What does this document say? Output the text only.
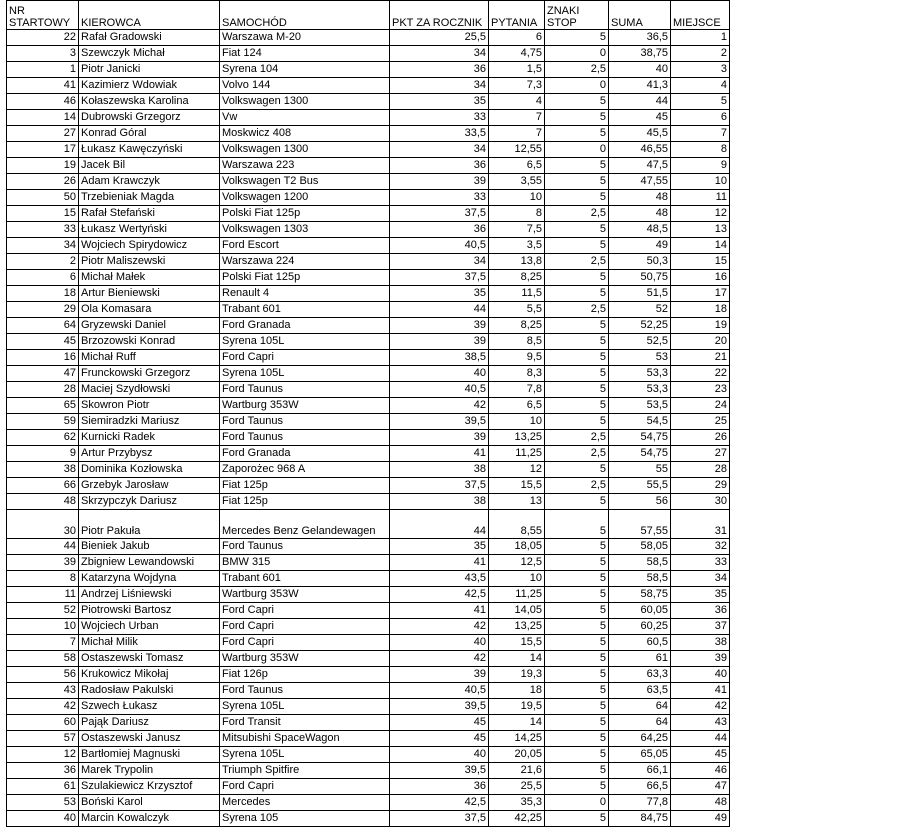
NR STARTOWY	KIEROWCA	SAMOCHÓD	PKT ZA ROCZNIK	PYTANIA	ZNAKI STOP	SUMA	MIEJSCE
22	Rafał Gradowski	Warszawa M-20	25,5	6	5	36,5	1
3	Szewczyk Michał	Fiat 124	34	4,75	0	38,75	2
1	Piotr Janicki	Syrena 104	36	1,5	2,5	40	3
41	Kazimierz Wdowiak	Volvo 144	34	7,3	0	41,3	4
46	Kołaszewska Karolina	Volkswagen 1300	35	4	5	44	5
14	Dubrowski Grzegorz	Vw	33	7	5	45	6
27	Konrad Góral	Moskwicz 408	33,5	7	5	45,5	7
17	Łukasz Kawęczyński	Volkswagen 1300	34	12,55	0	46,55	8
19	Jacek Bil	Warszawa 223	36	6,5	5	47,5	9
26	Adam Krawczyk	Volkswagen T2 Bus	39	3,55	5	47,55	10
50	Trzebieniak Magda	Volkswagen 1200	33	10	5	48	11
15	Rafał Stefański	Polski Fiat 125p	37,5	8	2,5	48	12
33	Łukasz Wertyński	Volkswagen 1303	36	7,5	5	48,5	13
34	Wojciech Spirydowicz	Ford Escort	40,5	3,5	5	49	14
2	Piotr Maliszewski	Warszawa 224	34	13,8	2,5	50,3	15
6	Michał Małek	Polski Fiat 125p	37,5	8,25	5	50,75	16
18	Artur Bieniewski	Renault 4	35	11,5	5	51,5	17
29	Ola Komasara	Trabant 601	44	5,5	2,5	52	18
64	Gryzewski Daniel	Ford Granada	39	8,25	5	52,25	19
45	Brzozowski Konrad	Syrena 105L	39	8,5	5	52,5	20
16	Michał Ruff	Ford Capri	38,5	9,5	5	53	21
47	Frunckowski Grzegorz	Syrena 105L	40	8,3	5	53,3	22
28	Maciej Szydłowski	Ford Taunus	40,5	7,8	5	53,3	23
65	Skowron Piotr	Wartburg 353W	42	6,5	5	53,5	24
59	Siemiradzki Mariusz	Ford Taunus	39,5	10	5	54,5	25
62	Kurnicki Radek	Ford Taunus	39	13,25	2,5	54,75	26
9	Artur Przybysz	Ford Granada	41	11,25	2,5	54,75	27
38	Dominika Kozłowska	Zaporożec 968 A	38	12	5	55	28
66	Grzebyk Jarosław	Fiat 125p	37,5	15,5	2,5	55,5	29
48	Skrzypczyk Dariusz	Fiat 125p	38	13	5	56	30
30	Piotr Pakuła	Mercedes Benz Gelandewagen	44	8,55	5	57,55	31
44	Bieniek Jakub	Ford Taunus	35	18,05	5	58,05	32
39	Zbigniew Lewandowski	BMW 315	41	12,5	5	58,5	33
8	Katarzyna Wojdyna	Trabant 601	43,5	10	5	58,5	34
11	Andrzej Liśniewski	Wartburg 353W	42,5	11,25	5	58,75	35
52	Piotrowski Bartosz	Ford Capri	41	14,05	5	60,05	36
10	Wojciech Urban	Ford Capri	42	13,25	5	60,25	37
7	Michał Milik	Ford Capri	40	15,5	5	60,5	38
58	Ostaszewski Tomasz	Wartburg 353W	42	14	5	61	39
56	Krukowicz Mikołaj	Fiat 126p	39	19,3	5	63,3	40
43	Radosław Pakulski	Ford Taunus	40,5	18	5	63,5	41
42	Szwech Łukasz	Syrena 105L	39,5	19,5	5	64	42
60	Pająk Dariusz	Ford Transit	45	14	5	64	43
57	Ostaszewski Janusz	Mitsubishi SpaceWagon	45	14,25	5	64,25	44
12	Bartłomiej Magnuski	Syrena 105L	40	20,05	5	65,05	45
36	Marek Trypolin	Triumph Spitfire	39,5	21,6	5	66,1	46
61	Szulakiewicz Krzysztof	Ford Capri	36	25,5	5	66,5	47
53	Boński Karol	Mercedes	42,5	35,3	0	77,8	48
40	Marcin Kowalczyk	Syrena 105	37,5	42,25	5	84,75	49
